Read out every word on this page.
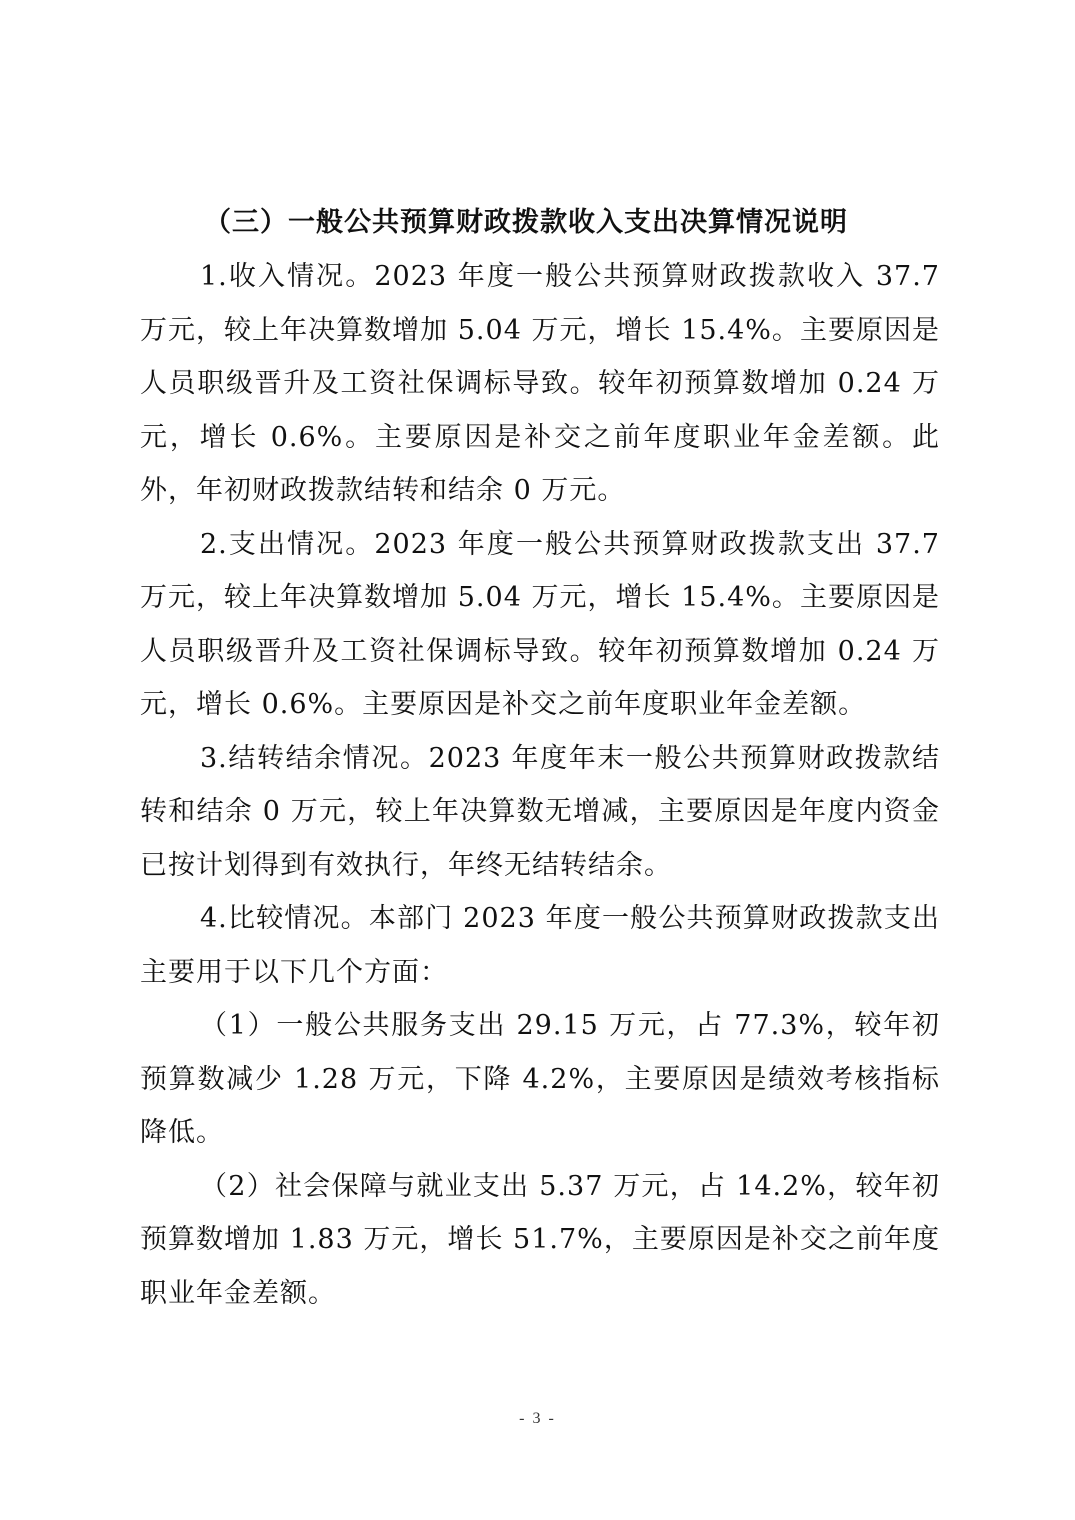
（三）一般公共预算财政拨款收入支出决算情况说明

1.收入情况。2023 年度一般公共预算财政拨款收入 37.7 万元，较上年决算数增加 5.04 万元，增长 15.4%。主要原因是人员职级晋升及工资社保调标导致。较年初预算数增加 0.24 万元，增长 0.6%。主要原因是补交之前年度职业年金差额。此外，年初财政拨款结转和结余 0 万元。

2.支出情况。2023 年度一般公共预算财政拨款支出 37.7 万元，较上年决算数增加 5.04 万元，增长 15.4%。主要原因是人员职级晋升及工资社保调标导致。较年初预算数增加 0.24 万元，增长 0.6%。主要原因是补交之前年度职业年金差额。

3.结转结余情况。2023 年度年末一般公共预算财政拨款结转和结余 0 万元，较上年决算数无增减，主要原因是年度内资金已按计划得到有效执行，年终无结转结余。

4.比较情况。本部门 2023 年度一般公共预算财政拨款支出主要用于以下几个方面：

（1）一般公共服务支出 29.15 万元，占 77.3%，较年初预算数减少 1.28 万元，下降 4.2%，主要原因是绩效考核指标降低。

（2）社会保障与就业支出 5.37 万元，占 14.2%，较年初预算数增加 1.83 万元，增长 51.7%，主要原因是补交之前年度职业年金差额。

- 3 -
